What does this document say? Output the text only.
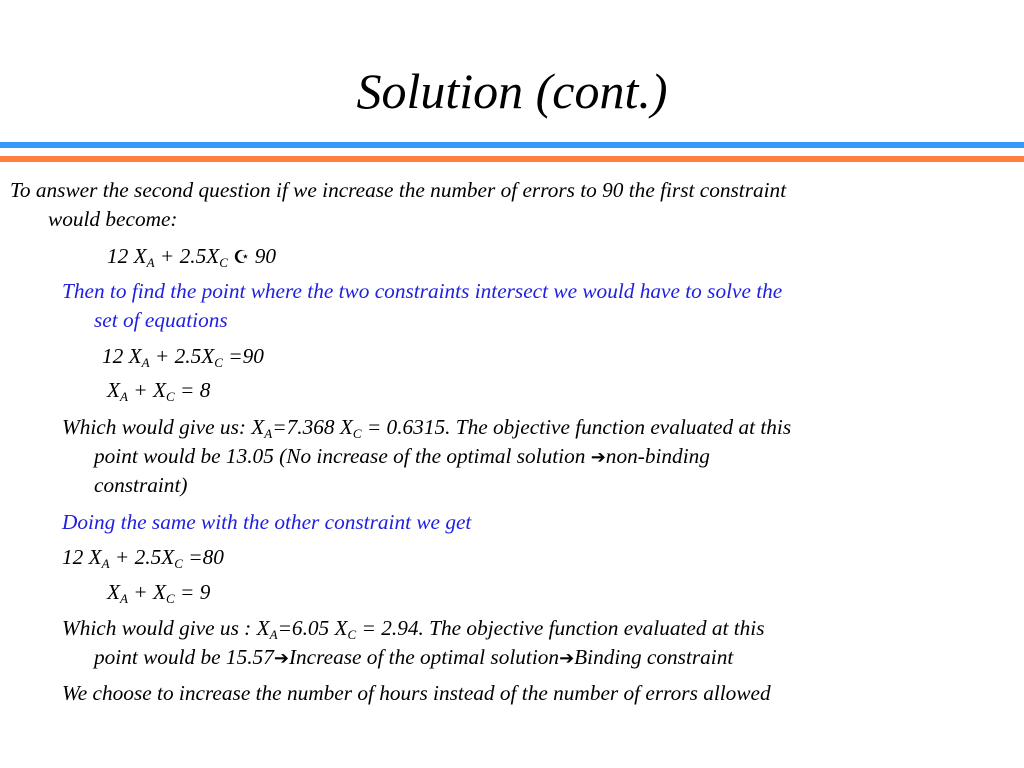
Solution (cont.)
To answer the second question if we increase the number of errors to 90 the first constraint
would become:
12 $X_A + 2.5X_C$ ☪ 90
Then to find the point where the two constraints intersect we would have to solve the
set of equations
12 $X_A + 2.5X_C =90$
$X_A + X_C = 8$
Which would give us: $X_A=7.368$ $X_C = 0.6315$. The objective function evaluated at this
point would be 13.05 (No increase of the optimal solution ➔non-binding
constraint)
Doing the same with the other constraint we get
12 $X_A + 2.5X_C =80$
$X_A + X_C = 9$
Which would give us : $X_A=6.05$ $X_C = 2.94$. The objective function evaluated at this
point would be 15.57➔Increase of the optimal solution➔Binding constraint
We choose to increase the number of hours instead of the number of errors allowed
